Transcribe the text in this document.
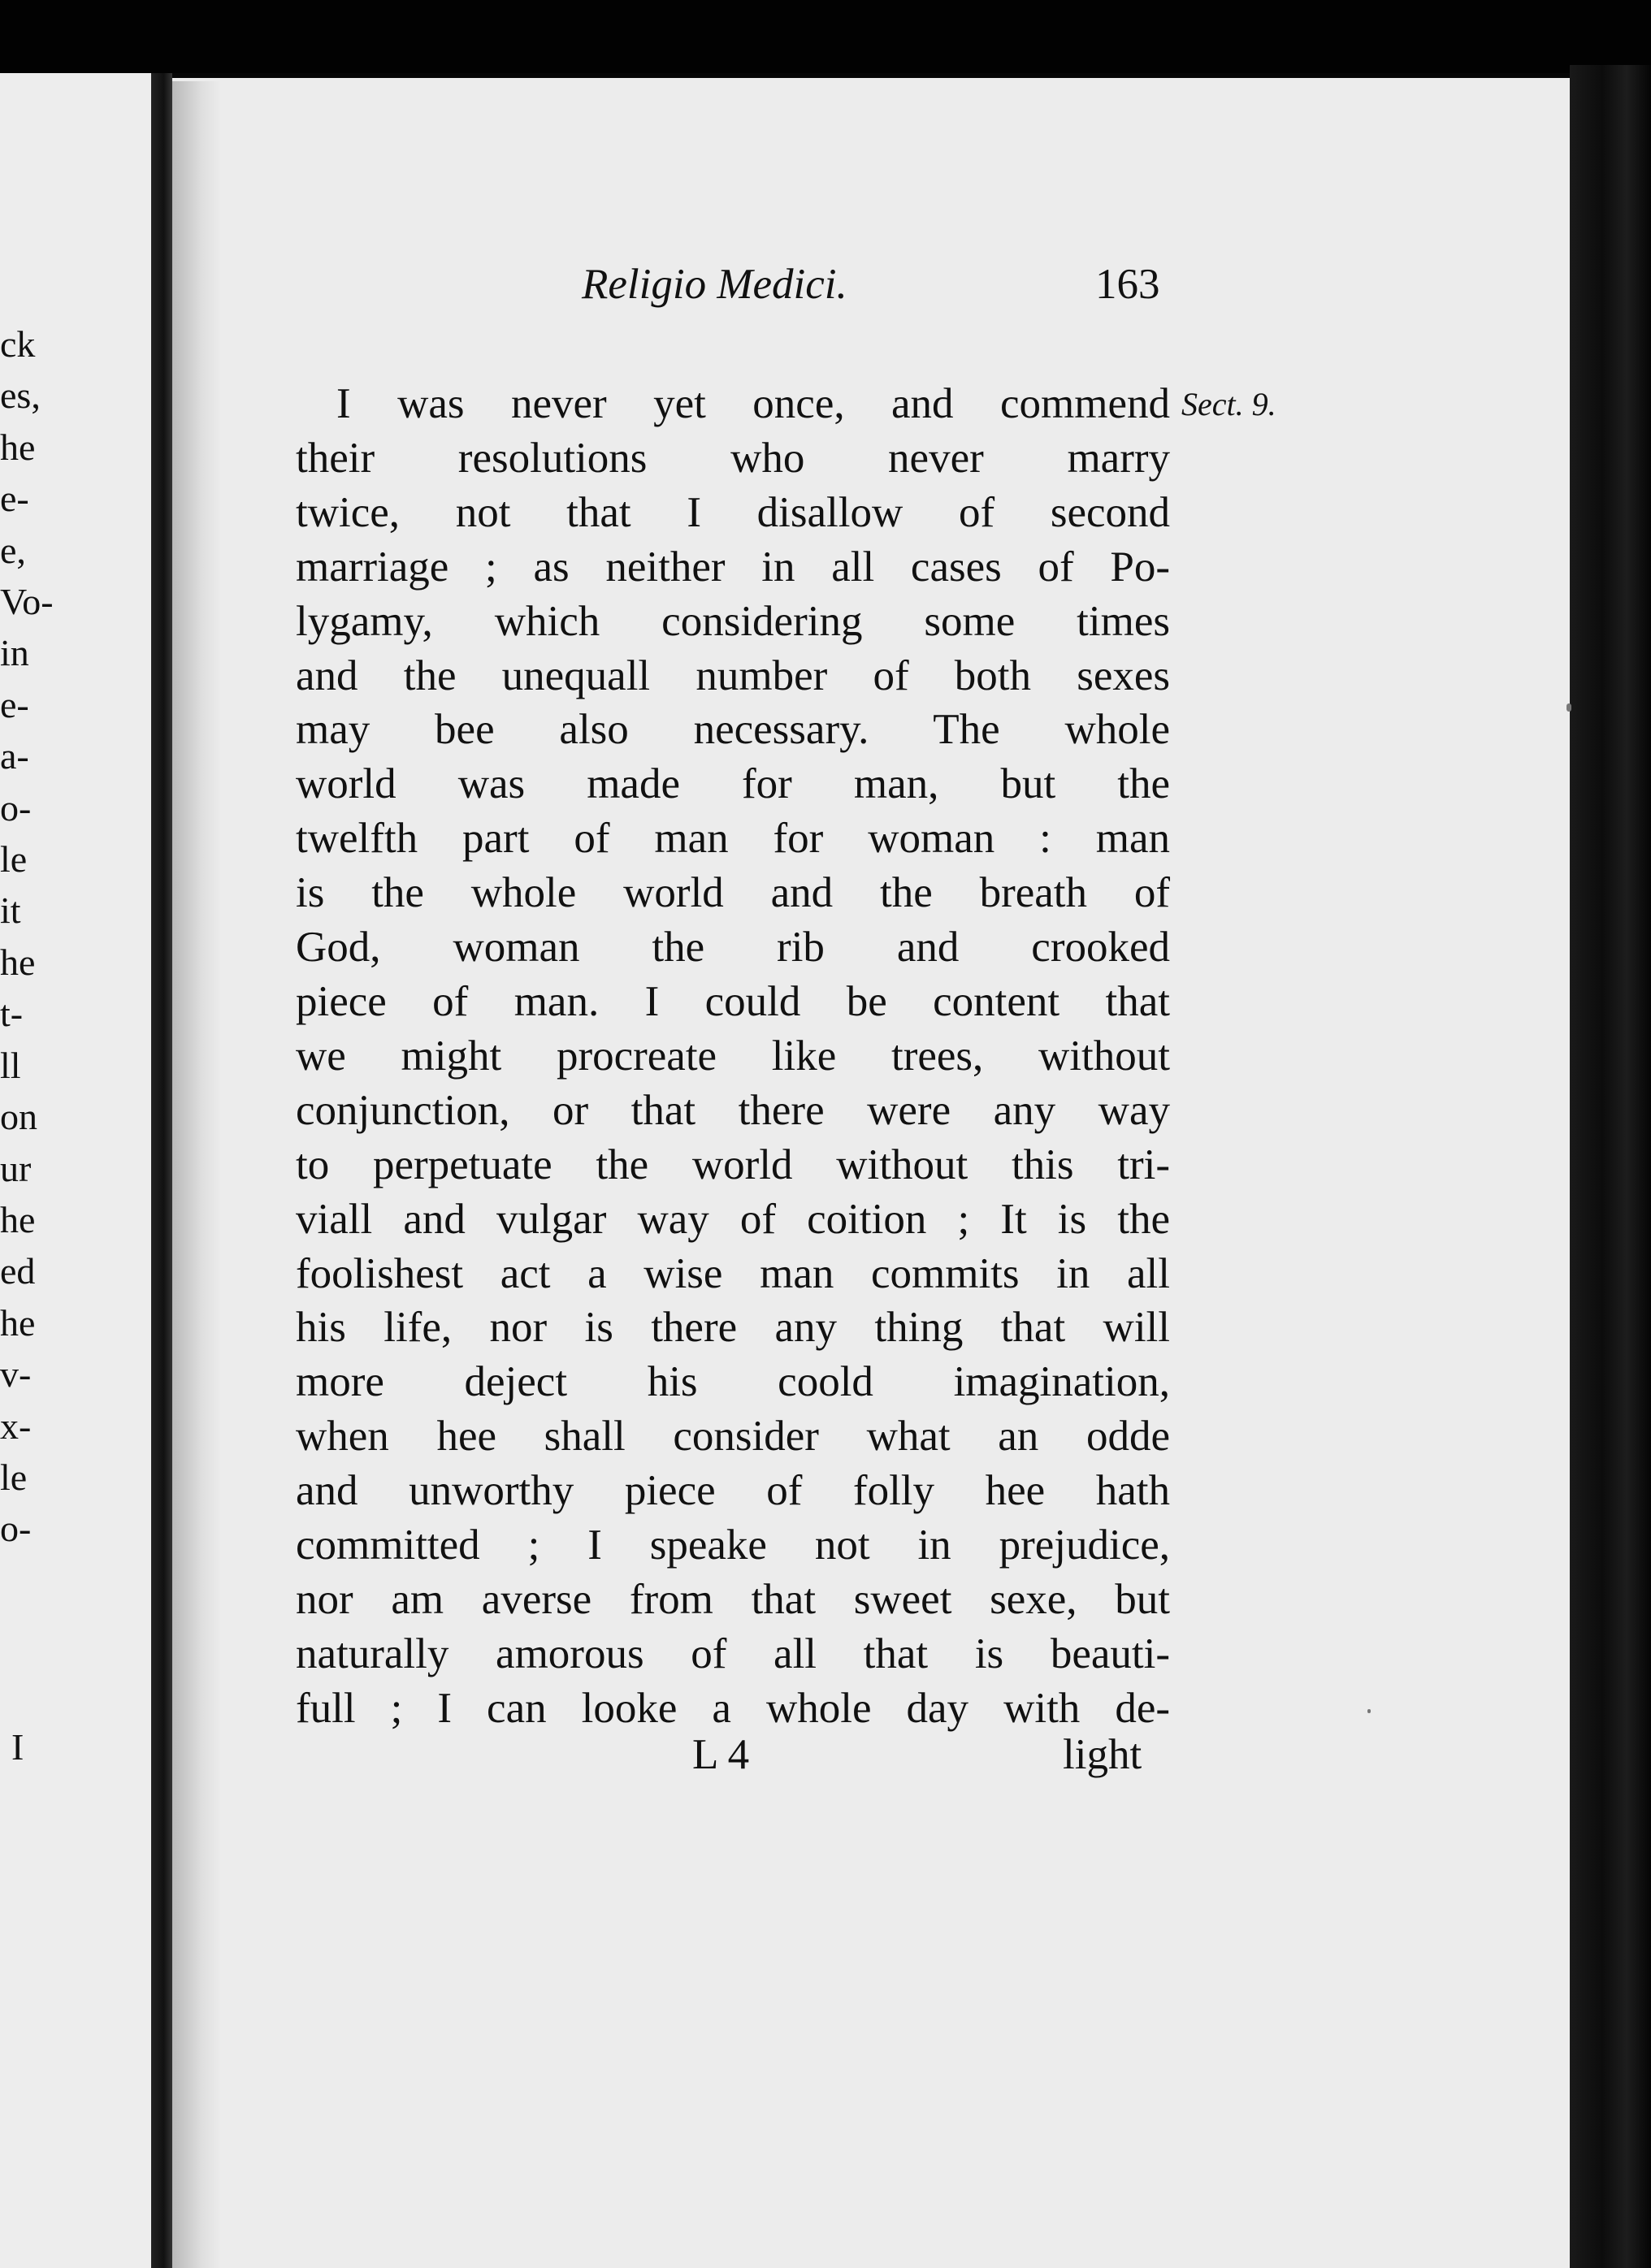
ck
es,
he
e-
e,
Vo-
in
e-
a-
o-
le
it
he
t-
ll
on
ur
he
ed
he
v-
x-
le
o-
I
Religio Medici.	163
Sect. 9.
I was never yet once, and commend
their resolutions who never marry
twice, not that I disallow of second
marriage ; as neither in all cases of Po-
lygamy, which considering some times
and the unequall number of both sexes
may bee also necessary. The whole
world was made for man, but the
twelfth part of man for woman : man
is the whole world and the breath of
God, woman the rib and crooked
piece of man. I could be content that
we might procreate like trees, without
conjunction, or that there were any way
to perpetuate the world without this tri-
viall and vulgar way of coition ; It is the
foolishest act a wise man commits in all
his life, nor is there any thing that will
more deject his coold imagination,
when hee shall consider what an odde
and unworthy piece of folly hee hath
committed ; I speake not in prejudice,
nor am averse from that sweet sexe, but
naturally amorous of all that is beauti-
full ; I can looke a whole day with de-
L 4	light
